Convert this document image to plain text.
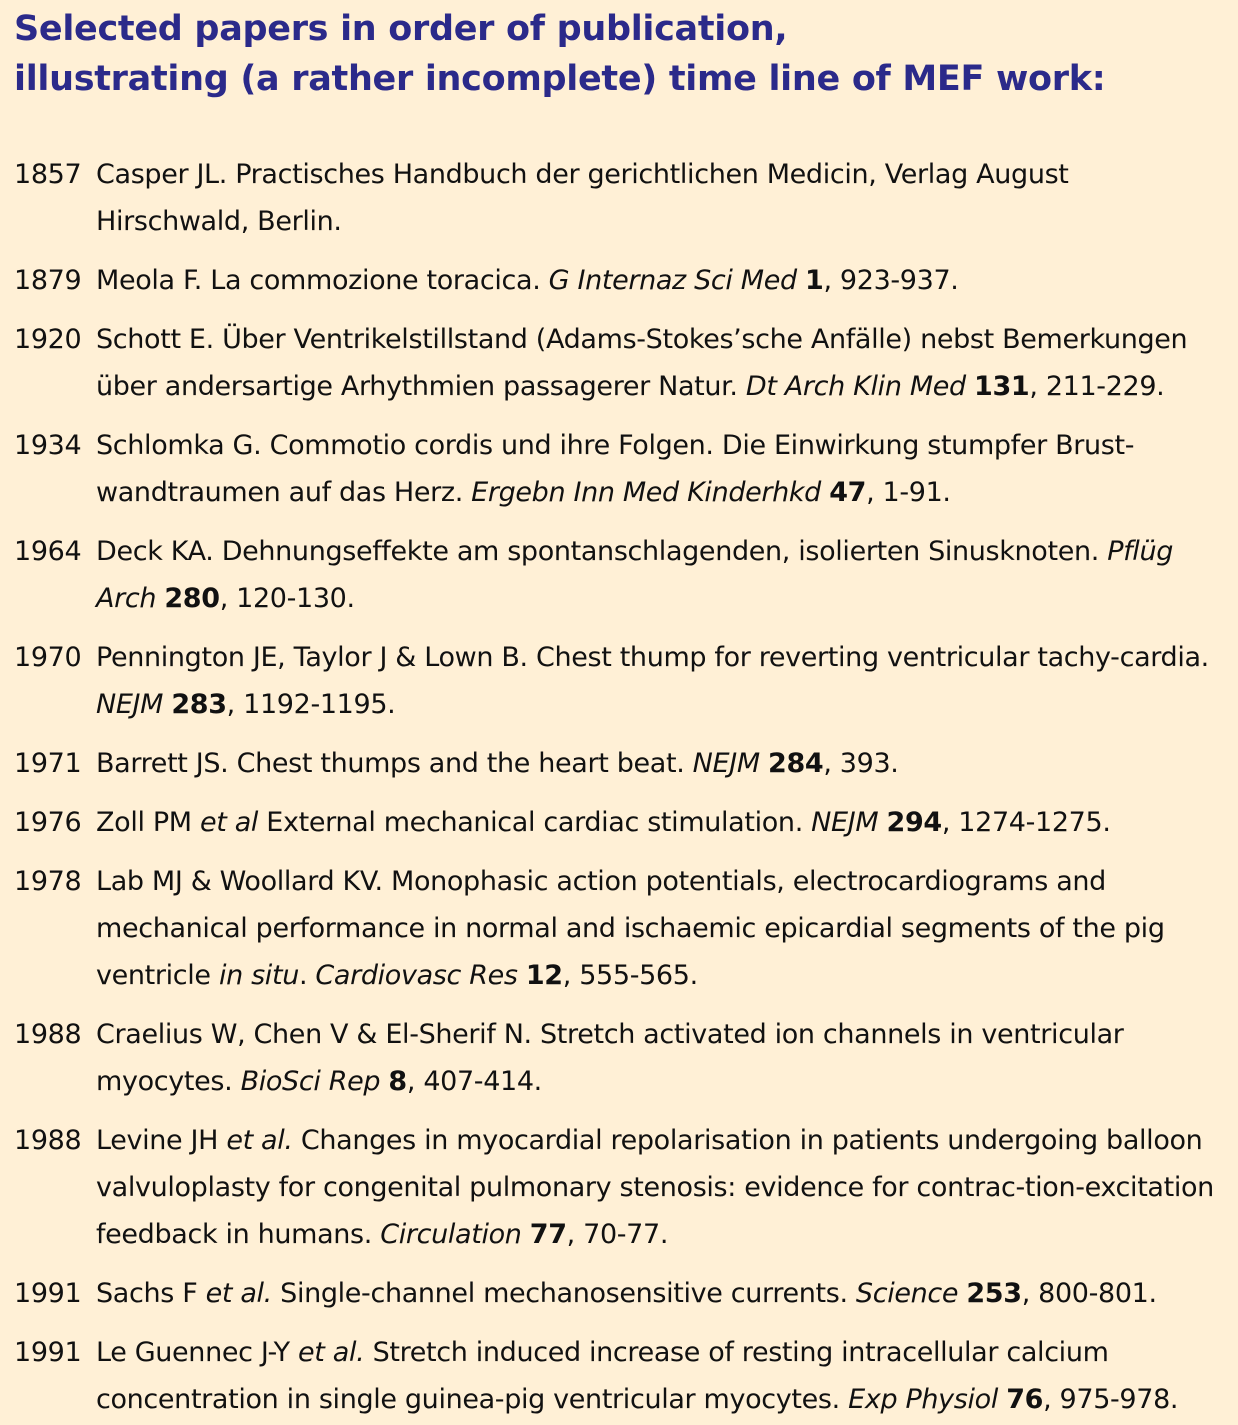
Selected papers in order of publication,
illustrating (a rather incomplete) time line of MEF work:
1857 Casper JL. Practisches Handbuch der gerichtlichen Medicin, Verlag August Hirschwald, Berlin.
1879 Meola F. La commozione toracica. G Internaz Sci Med 1, 923-937.
1920 Schott E. Über Ventrikelstillstand (Adams-Stokes’sche Anfälle) nebst Bemerkungen über andersartige Arhythmien passagerer Natur. Dt Arch Klin Med 131, 211-229.
1934 Schlomka G. Commotio cordis und ihre Folgen. Die Einwirkung stumpfer Brust-wandtraumen auf das Herz. Ergebn Inn Med Kinderhkd 47, 1-91.
1964 Deck KA. Dehnungseffekte am spontanschlagenden, isolierten Sinusknoten. Pflüg Arch 280, 120-130.
1970 Pennington JE, Taylor J & Lown B. Chest thump for reverting ventricular tachy-cardia. NEJM 283, 1192-1195.
1971 Barrett JS. Chest thumps and the heart beat. NEJM 284, 393.
1976 Zoll PM et al External mechanical cardiac stimulation. NEJM 294, 1274-1275.
1978 Lab MJ & Woollard KV. Monophasic action potentials, electrocardiograms and mechanical performance in normal and ischaemic epicardial segments of the pig ventricle in situ. Cardiovasc Res 12, 555-565.
1988 Craelius W, Chen V & El-Sherif N. Stretch activated ion channels in ventricular myocytes. BioSci Rep 8, 407-414.
1988 Levine JH et al. Changes in myocardial repolarisation in patients undergoing balloon valvuloplasty for congenital pulmonary stenosis: evidence for contrac-tion-excitation feedback in humans. Circulation 77, 70-77.
1991 Sachs F et al. Single-channel mechanosensitive currents. Science 253, 800-801.
1991 Le Guennec J-Y et al. Stretch induced increase of resting intracellular calcium concentration in single guinea-pig ventricular myocytes. Exp Physiol 76, 975-978.
